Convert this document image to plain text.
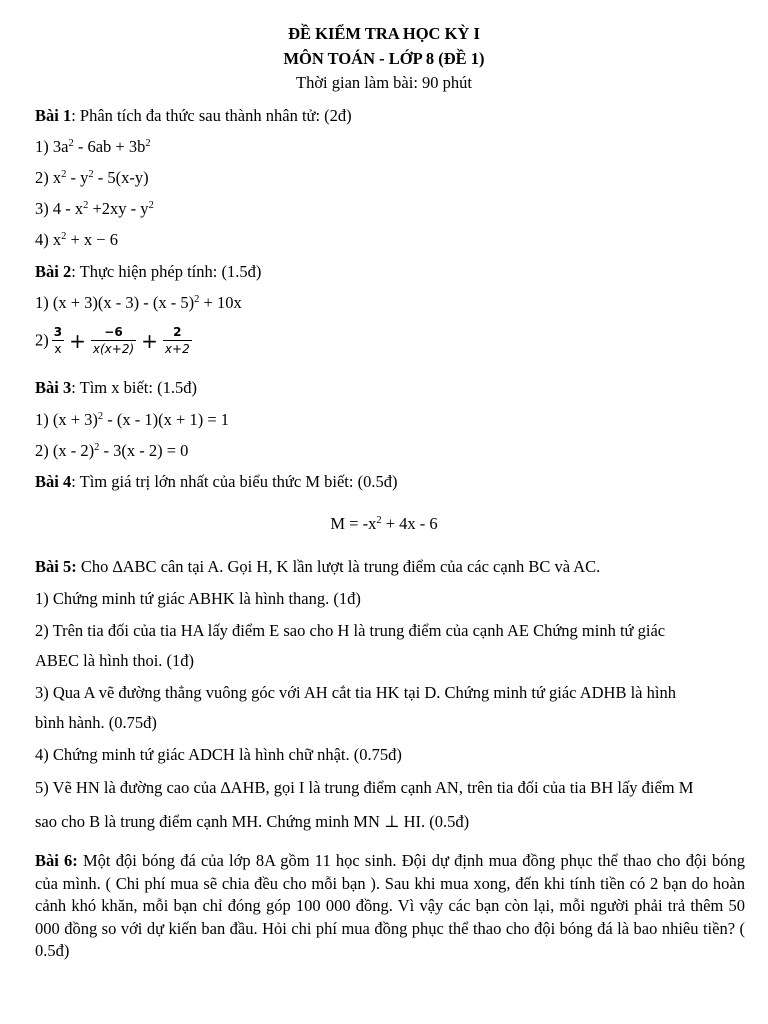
ĐỀ KIỂM TRA HỌC KỲ I
MÔN TOÁN - LỚP 8 (ĐỀ 1)
Thời gian làm bài: 90 phút
Bài 1: Phân tích đa thức sau thành nhân tử: (2đ)
1) $3a^2 - 6ab + 3b^2$
2) $x^2 - y^2 - 5(x-y)$
3) $4 - x^2 +2xy - y^2$
4) $x^2 + x - 6$
Bài 2: Thực hiện phép tính: (1.5đ)
1) (x + 3)(x - 3) - (x - 5)$^2$ + 10x
$2) \frac{3}{x} + \frac{-6}{x(x+2)} + \frac{2}{x+2}$
Bài 3: Tìm x biết: (1.5đ)
1) $(x + 3)^2 - (x - 1)(x + 1) = 1$
2) (x - 2)$^2$ - 3(x - 2) = 0
Bài 4: Tìm giá trị lớn nhất của biểu thức M biết: (0.5đ)
$M = -x^2 + 4x - 6$
Bài 5: Cho ∆ABC cân tại A. Gọi H, K lần lượt là trung điểm của các cạnh BC và AC.
1) Chứng minh tứ giác ABHK là hình thang. (1đ)
2) Trên tia đối của tia HA lấy điểm E sao cho H là trung điểm của cạnh AE Chứng minh tứ giác
ABEC là hình thoi. (1đ)
3) Qua A vẽ đường thẳng vuông góc với AH cắt tia HK tại D. Chứng minh tứ giác ADHB là hình
bình hành. (0.75đ)
4) Chứng minh tứ giác ADCH là hình chữ nhật. (0.75đ)
5) Vẽ HN là đường cao của ∆AHB, gọi I là trung điểm cạnh AN, trên tia đối của tia BH lấy điểm M
sao cho B là trung điểm cạnh MH. Chứng minh MN ⊥ HI. (0.5đ)
Bài 6: Một đội bóng đá của lớp 8A gồm 11 học sinh. Đội dự định mua đồng phục thể thao cho đội bóng của mình. ( Chi phí mua sẽ chia đều cho mỗi bạn ). Sau khi mua xong, đến khi tính tiền có 2 bạn do hoàn cảnh khó khăn, mỗi bạn chỉ đóng góp 100 000 đồng. Vì vậy các bạn còn lại, mỗi người phải trả thêm 50 000 đồng so với dự kiến ban đầu. Hỏi chi phí mua đồng phục thể thao cho đội bóng đá là bao nhiêu tiền? ( 0.5đ)
